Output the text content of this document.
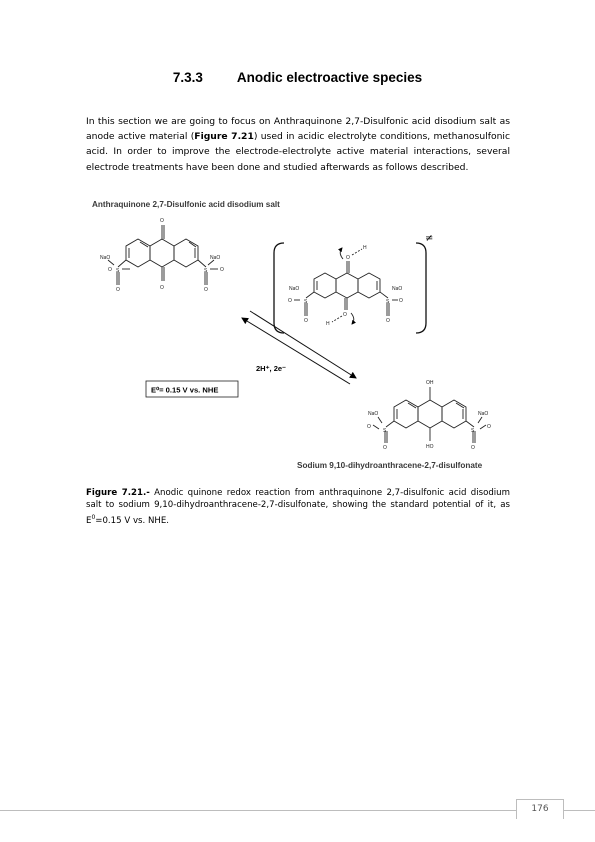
7.3.3	Anodic electroactive species
In this section we are going to focus on Anthraquinone 2,7-Disulfonic acid disodium salt as anode active material (Figure 7.21) used in acidic electrolyte conditions, methanosulfonic acid. In order to improve the electrode-electrolyte active material interactions, several electrode treatments have been done and studied afterwards as follows described.
Anthraquinone 2,7-Disulfonic acid disodium salt
O
O
S	S
NaO	NaO
O	O
O	O
≠
O
H
O
H
S	S
NaO	NaO
O	O
O	O
2H⁺, 2e⁻
E⁰= 0.15 V vs. NHE
OH
HO
S	S
NaO	NaO
O	O
O	O
Sodium 9,10-dihydroanthracene-2,7-disulfonate
Figure 7.21.- Anodic quinone redox reaction from anthraquinone 2,7-disulfonic acid disodium salt to sodium 9,10-dihydroanthracene-2,7-disulfonate, showing the standard potential of it, as $E^0=0.15$ V vs. NHE.
176
